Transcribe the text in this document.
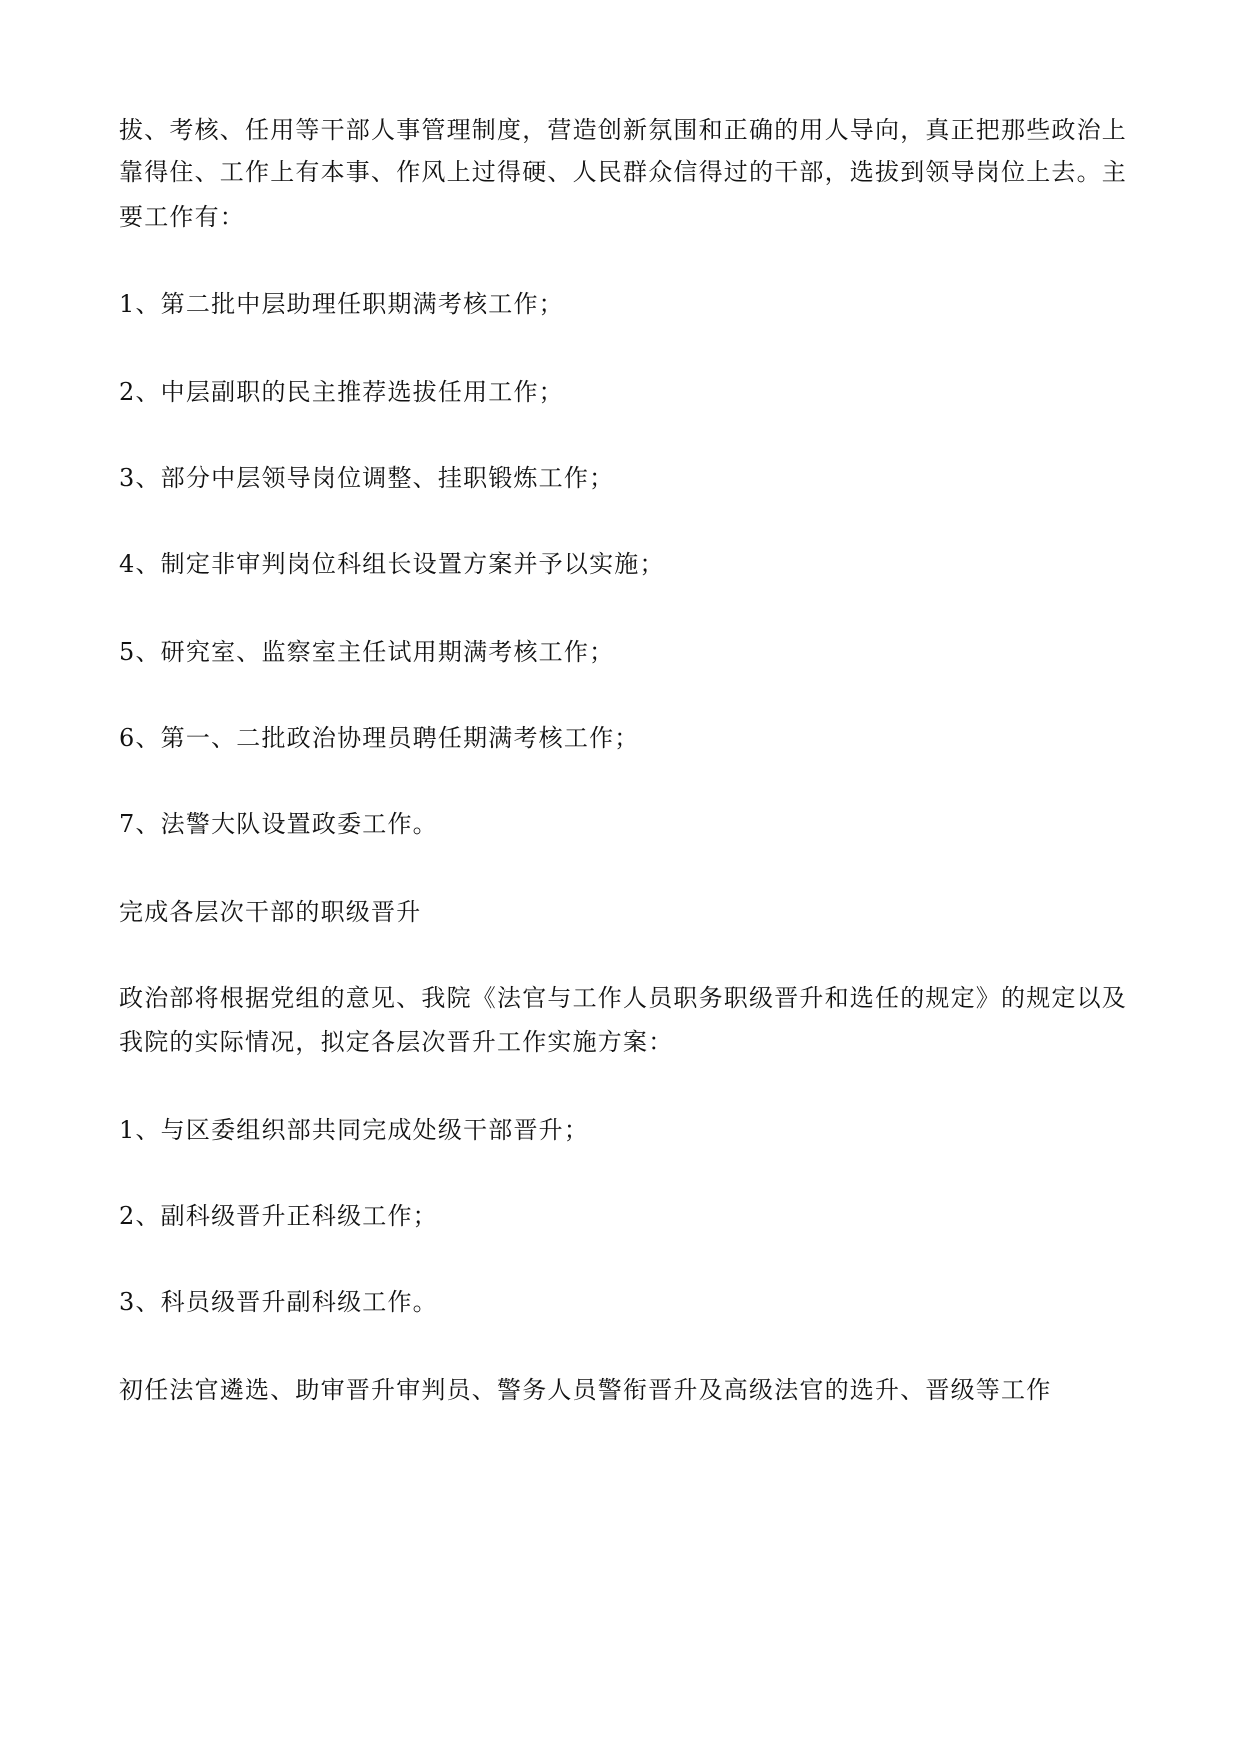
拔、考核、任用等干部人事管理制度，营造创新氛围和正确的用人导向，真正把那些政治上

靠得住、工作上有本事、作风上过得硬、人民群众信得过的干部，选拔到领导岗位上去。主

要工作有：

1、第二批中层助理任职期满考核工作；

2、中层副职的民主推荐选拔任用工作；

3、部分中层领导岗位调整、挂职锻炼工作；

4、制定非审判岗位科组长设置方案并予以实施；

5、研究室、监察室主任试用期满考核工作；

6、第一、二批政治协理员聘任期满考核工作；

7、法警大队设置政委工作。

完成各层次干部的职级晋升

政治部将根据党组的意见、我院《法官与工作人员职务职级晋升和选任的规定》的规定以及

我院的实际情况，拟定各层次晋升工作实施方案：

1、与区委组织部共同完成处级干部晋升；

2、副科级晋升正科级工作；

3、科员级晋升副科级工作。

初任法官遴选、助审晋升审判员、警务人员警衔晋升及高级法官的选升、晋级等工作
